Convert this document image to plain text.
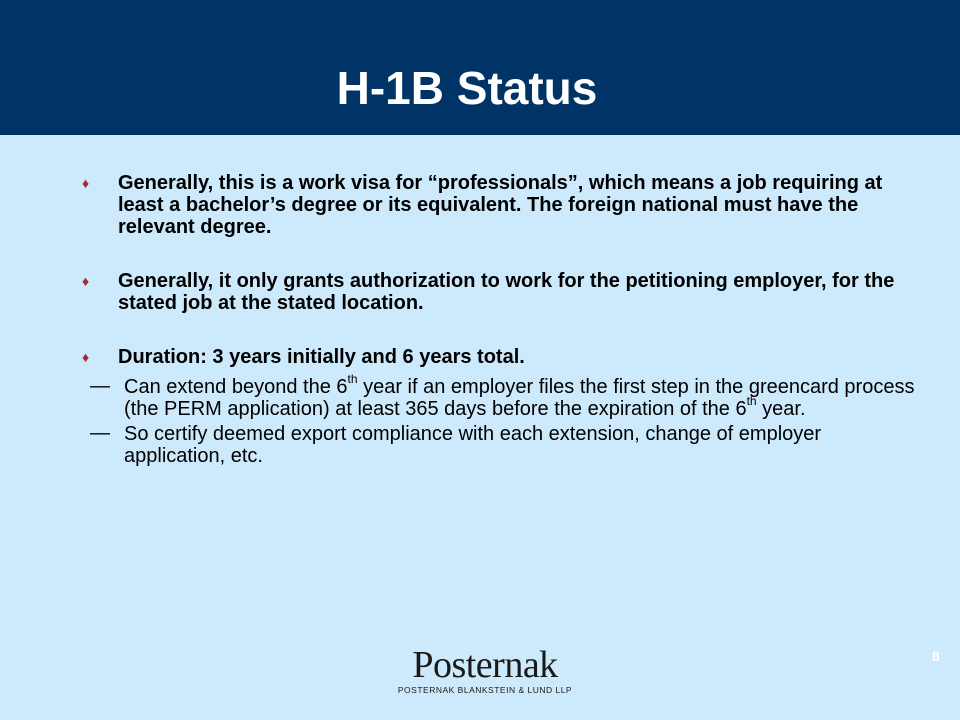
H-1B Status
♦ Generally, this is a work visa for “professionals”, which means a job requiring at least a bachelor’s degree or its equivalent. The foreign national must have the relevant degree.
♦ Generally, it only grants authorization to work for the petitioning employer, for the stated job at the stated location.
♦ Duration: 3 years initially and 6 years total.
— Can extend beyond the 6th year if an employer files the first step in the greencard process (the PERM application) at least 365 days before the expiration of the 6th year.
— So certify deemed export compliance with each extension, change of employer application, etc.
Posternak
POSTERNAK BLANKSTEIN & LUND LLP
8
